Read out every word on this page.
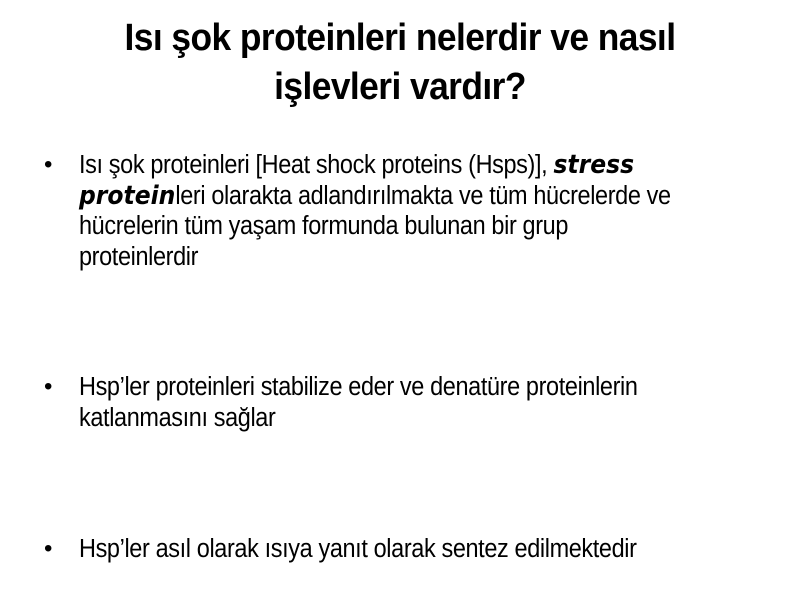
Isı şok proteinleri nelerdir ve nasıl
işlevleri vardır?
•	Isı şok proteinleri [Heat shock proteins (Hsps)], stress
proteinleri olarakta adlandırılmakta ve tüm hücrelerde ve
hücrelerin tüm yaşam formunda bulunan bir grup
proteinlerdir
•	Hsp’ler proteinleri stabilize eder ve denatüre proteinlerin
katlanmasını sağlar
•	Hsp’ler asıl olarak ısıya yanıt olarak sentez edilmektedir
